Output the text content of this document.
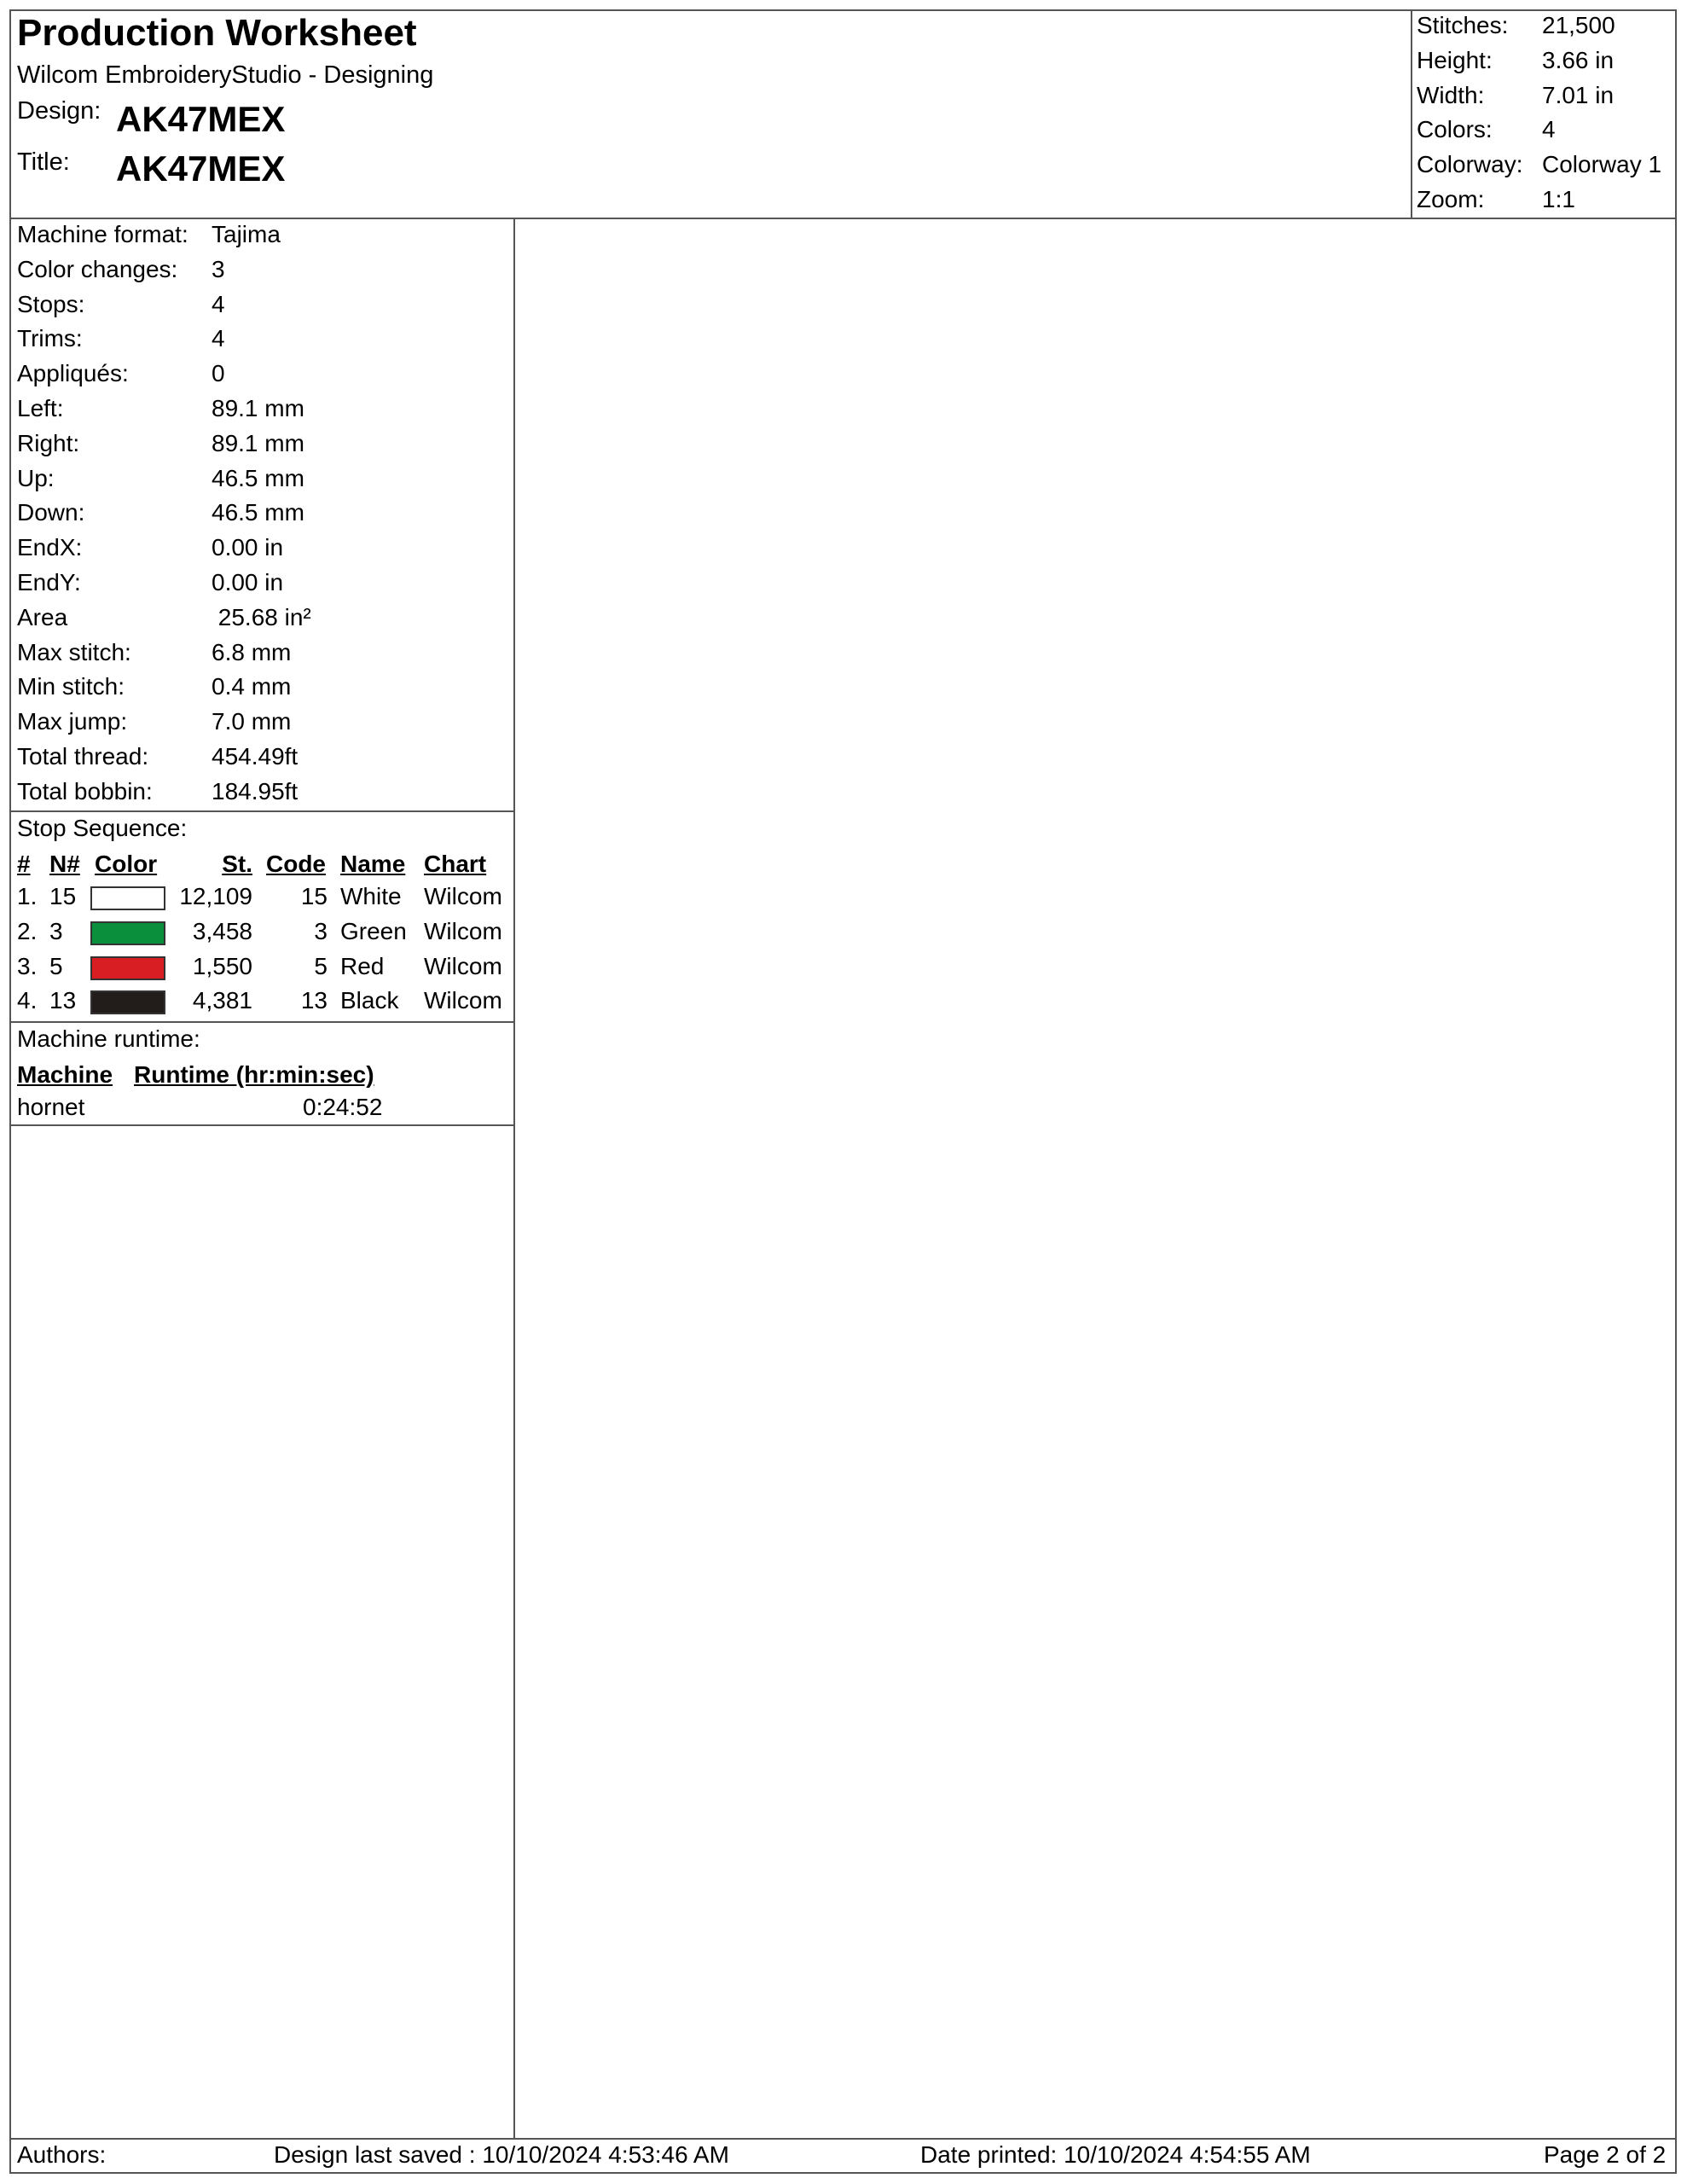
Production Worksheet
Wilcom EmbroideryStudio - Designing
Design: AK47MEX
Title: AK47MEX
Stitches: 21,500
Height: 3.66 in
Width: 7.01 in
Colors: 4
Colorway: Colorway 1
Zoom: 1:1
Machine format: Tajima
Color changes: 3
Stops:	4
Trims:	4
Appliqués:	0
Left:	89.1 mm
Right:	89.1 mm
Up:	46.5 mm
Down:	46.5 mm
EndX:	0.00 in
EndY:	0.00 in
Area	25.68 in²
Max stitch:	6.8 mm
Min stitch:	0.4 mm
Max jump:	7.0 mm
Total thread:	454.49ft
Total bobbin: 184.95ft
Stop Sequence:
# N# Color	St. Code Name Chart
1. 15	12,109	15 White Wilcom
2. 3	3,458	3 Green Wilcom
3. 5	1,550	5 Red Wilcom
4. 13	4,381	13 Black Wilcom
Machine runtime:
Machine Runtime (hr:min:sec)
hornet	0:24:52
Authors:	Design last saved : 10/10/2024 4:53:46 AM	Date printed: 10/10/2024 4:54:55 AM	Page 2 of 2
